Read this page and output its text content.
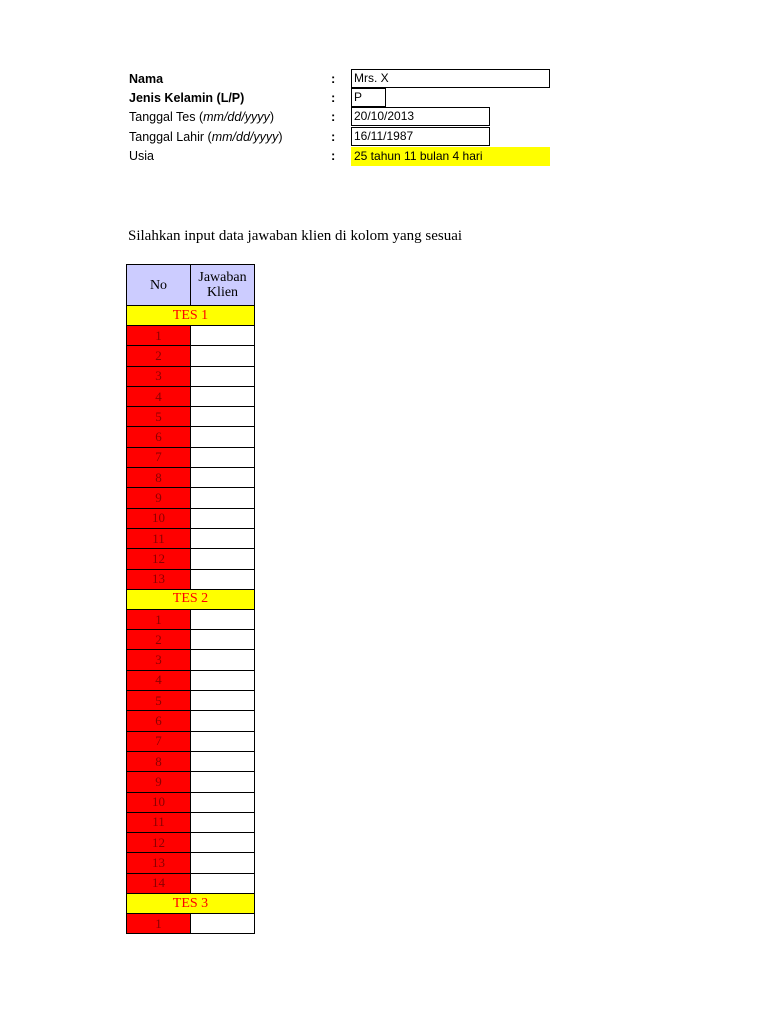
Nama	: Mrs. X
Jenis Kelamin (L/P)	: P
Tanggal Tes (mm/dd/yyyy)	: 20/10/2013
Tanggal Lahir (mm/dd/yyyy)	: 16/11/1987
Usia	: 25 tahun 11 bulan 4 hari
Silahkan input data jawaban klien di kolom yang sesuai
No	Jawaban
Klien
TES 1	
1	
2	
3	
4	
5	
6	
7	
8	
9	
10	
11	
12	
13	
TES 2	
1	
2	
3	
4	
5	
6	
7	
8	
9	
10	
11	
12	
13	
14	
TES 3	
1	
